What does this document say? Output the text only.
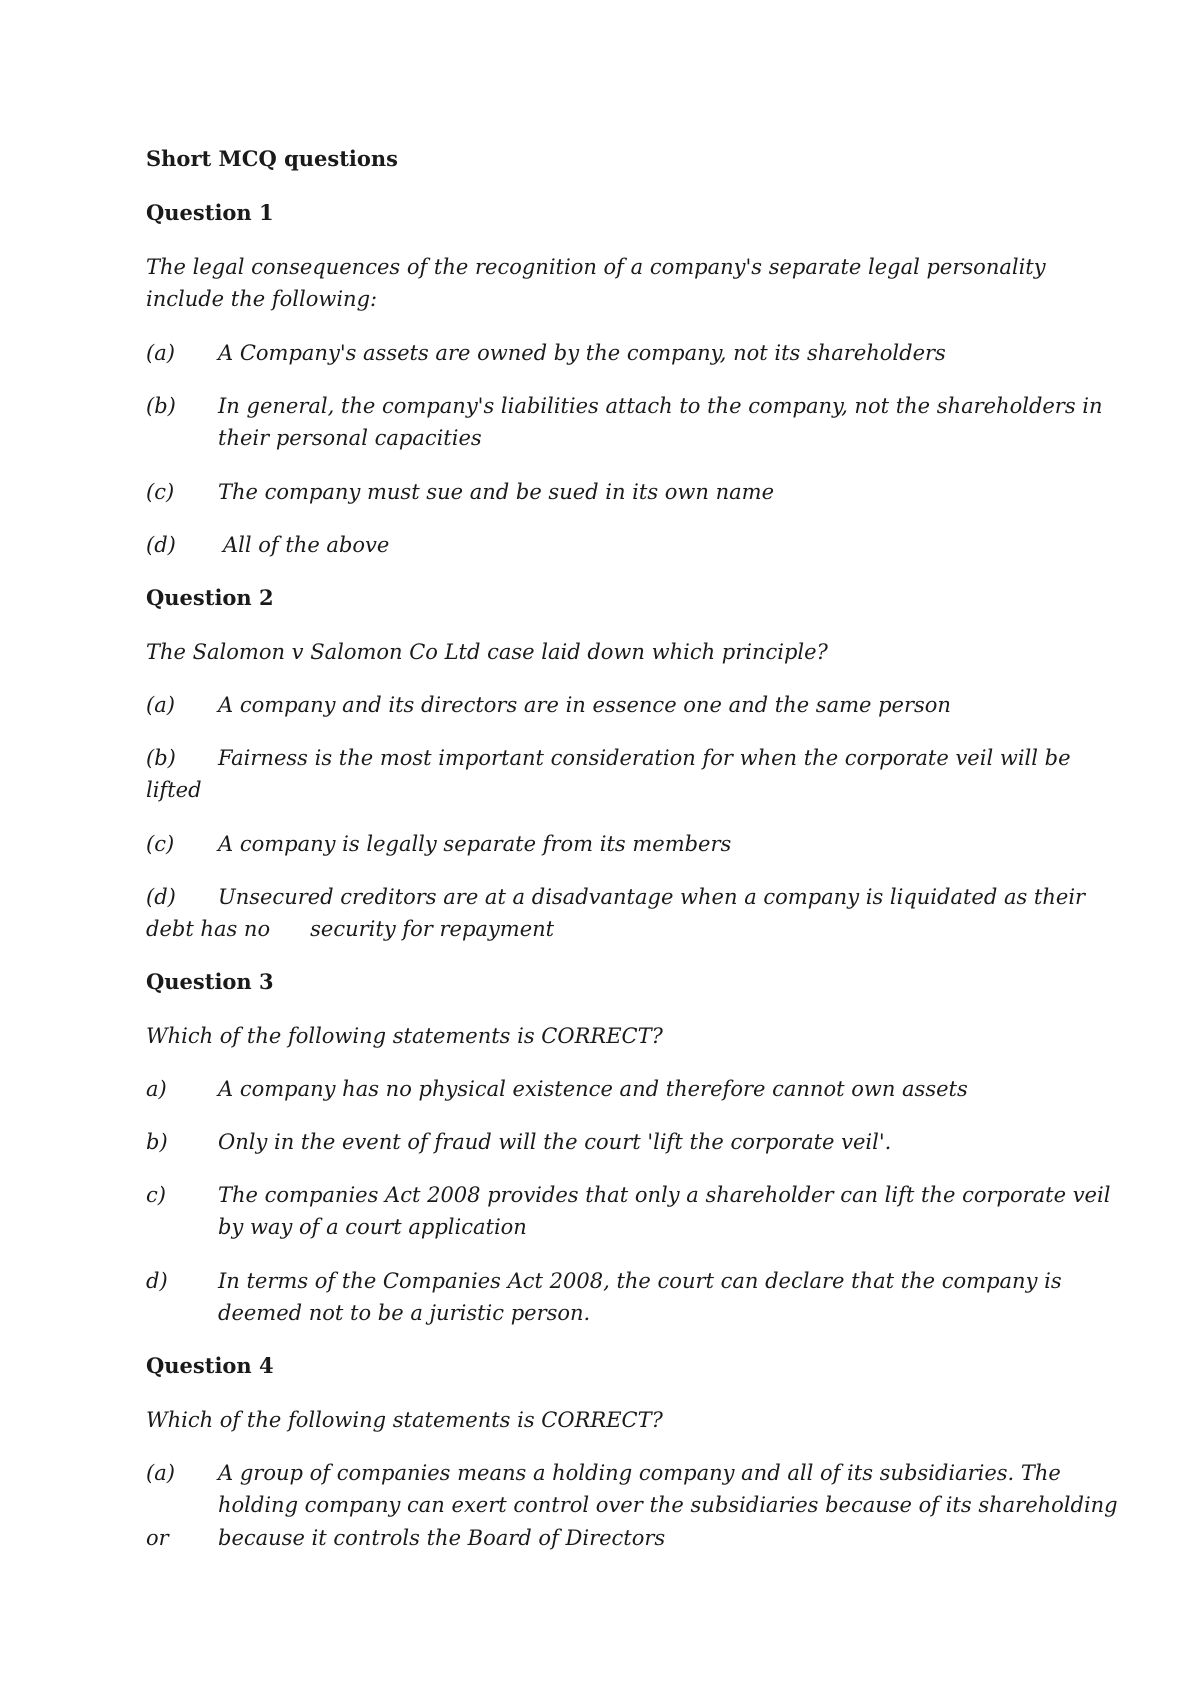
Short MCQ questions
Question 1
The legal consequences of the recognition of a company's separate legal personality include the following:
(a) A Company's assets are owned by the company, not its shareholders
(b) In general, the company's liabilities attach to the company, not the shareholders in
their personal capacities
(c) The company must sue and be sued in its own name
(d) All of the above
Question 2
The Salomon v Salomon Co Ltd case laid down which principle?
(a) A company and its directors are in essence one and the same person
(b) Fairness is the most important consideration for when the corporate veil will be
lifted
(c) A company is legally separate from its members
(d) Unsecured creditors are at a disadvantage when a company is liquidated as their
debt has no      security for repayment
Question 3
Which of the following statements is CORRECT?
a) A company has no physical existence and therefore cannot own assets
b) Only in the event of fraud will the court 'lift the corporate veil'.
c) The companies Act 2008 provides that only a shareholder can lift the corporate veil
by way of a court application
d) In terms of the Companies Act 2008, the court can declare that the company is
deemed not to be a juristic person.
Question 4
Which of the following statements is CORRECT?
(a) A group of companies means a holding company and all of its subsidiaries. The
holding company can exert control over the subsidiaries because of its shareholding
or because it controls the Board of Directors
